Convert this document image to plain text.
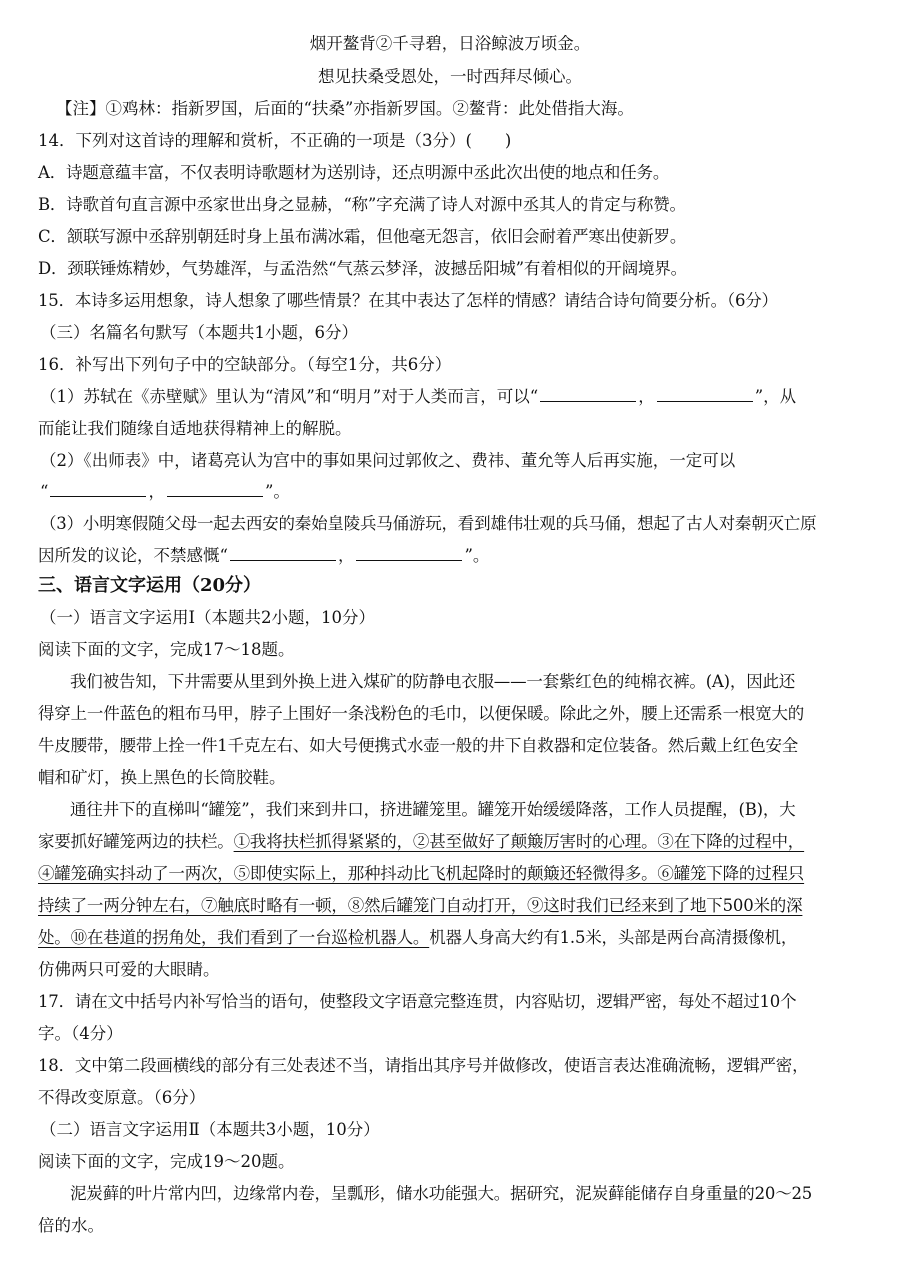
烟开鳌背②千寻碧，日浴鲸波万顷金。
想见扶桑受恩处，一时西拜尽倾心。
【注】①鸡林：指新罗国，后面的“扶桑”亦指新罗国。②鳌背：此处借指大海。
14．下列对这首诗的理解和赏析，不正确的一项是（3分）(　　)
A．诗题意蕴丰富，不仅表明诗歌题材为送别诗，还点明源中丞此次出使的地点和任务。
B．诗歌首句直言源中丞家世出身之显赫，“称”字充满了诗人对源中丞其人的肯定与称赞。
C．颔联写源中丞辞别朝廷时身上虽布满冰霜，但他毫无怨言，依旧会耐着严寒出使新罗。
D．颈联锤炼精妙，气势雄浑，与孟浩然“气蒸云梦泽，波撼岳阳城”有着相似的开阔境界。
15．本诗多运用想象，诗人想象了哪些情景？在其中表达了怎样的情感？请结合诗句简要分析。（6分）
（三）名篇名句默写（本题共1小题，6分）
16．补写出下列句子中的空缺部分。（每空1分，共6分）
（1）苏轼在《赤壁赋》里认为“清风”和“明月”对于人类而言，可以“	，	”，从
而能让我们随缘自适地获得精神上的解脱。
（2）《出师表》中，诸葛亮认为宫中的事如果问过郭攸之、费祎、董允等人后再实施，一定可以
“	，	”。
（3）小明寒假随父母一起去西安的秦始皇陵兵马俑游玩，看到雄伟壮观的兵马俑，想起了古人对秦朝灭亡原
因所发的议论，不禁感慨“	，	”。
三、语言文字运用（20分）
（一）语言文字运用Ⅰ（本题共2小题，10分）
阅读下面的文字，完成17～18题。
我们被告知，下井需要从里到外换上进入煤矿的防静电衣服——一套紫红色的纯棉衣裤。(A)，因此还
得穿上一件蓝色的粗布马甲，脖子上围好一条浅粉色的毛巾，以便保暖。除此之外，腰上还需系一根宽大的
牛皮腰带，腰带上拴一件1千克左右、如大号便携式水壶一般的井下自救器和定位装备。然后戴上红色安全
帽和矿灯，换上黑色的长筒胶鞋。
通往井下的直梯叫“罐笼”，我们来到井口，挤进罐笼里。罐笼开始缓缓降落，工作人员提醒，(B)，大
家要抓好罐笼两边的扶栏。①我将扶栏抓得紧紧的，②甚至做好了颠簸厉害时的心理。③在下降的过程中，
④罐笼确实抖动了一两次，⑤即使实际上，那种抖动比飞机起降时的颠簸还轻微得多。⑥罐笼下降的过程只
持续了一两分钟左右，⑦触底时略有一顿，⑧然后罐笼门自动打开，⑨这时我们已经来到了地下500米的深
处。⑩在巷道的拐角处，我们看到了一台巡检机器人。机器人身高大约有1.5米，头部是两台高清摄像机，
仿佛两只可爱的大眼睛。
17．请在文中括号内补写恰当的语句，使整段文字语意完整连贯，内容贴切，逻辑严密，每处不超过10个
字。（4分）
18．文中第二段画横线的部分有三处表述不当，请指出其序号并做修改，使语言表达准确流畅，逻辑严密，
不得改变原意。（6分）
（二）语言文字运用Ⅱ（本题共3小题，10分）
阅读下面的文字，完成19～20题。
泥炭藓的叶片常内凹，边缘常内卷，呈瓢形，储水功能强大。据研究，泥炭藓能储存自身重量的20～25
倍的水。
